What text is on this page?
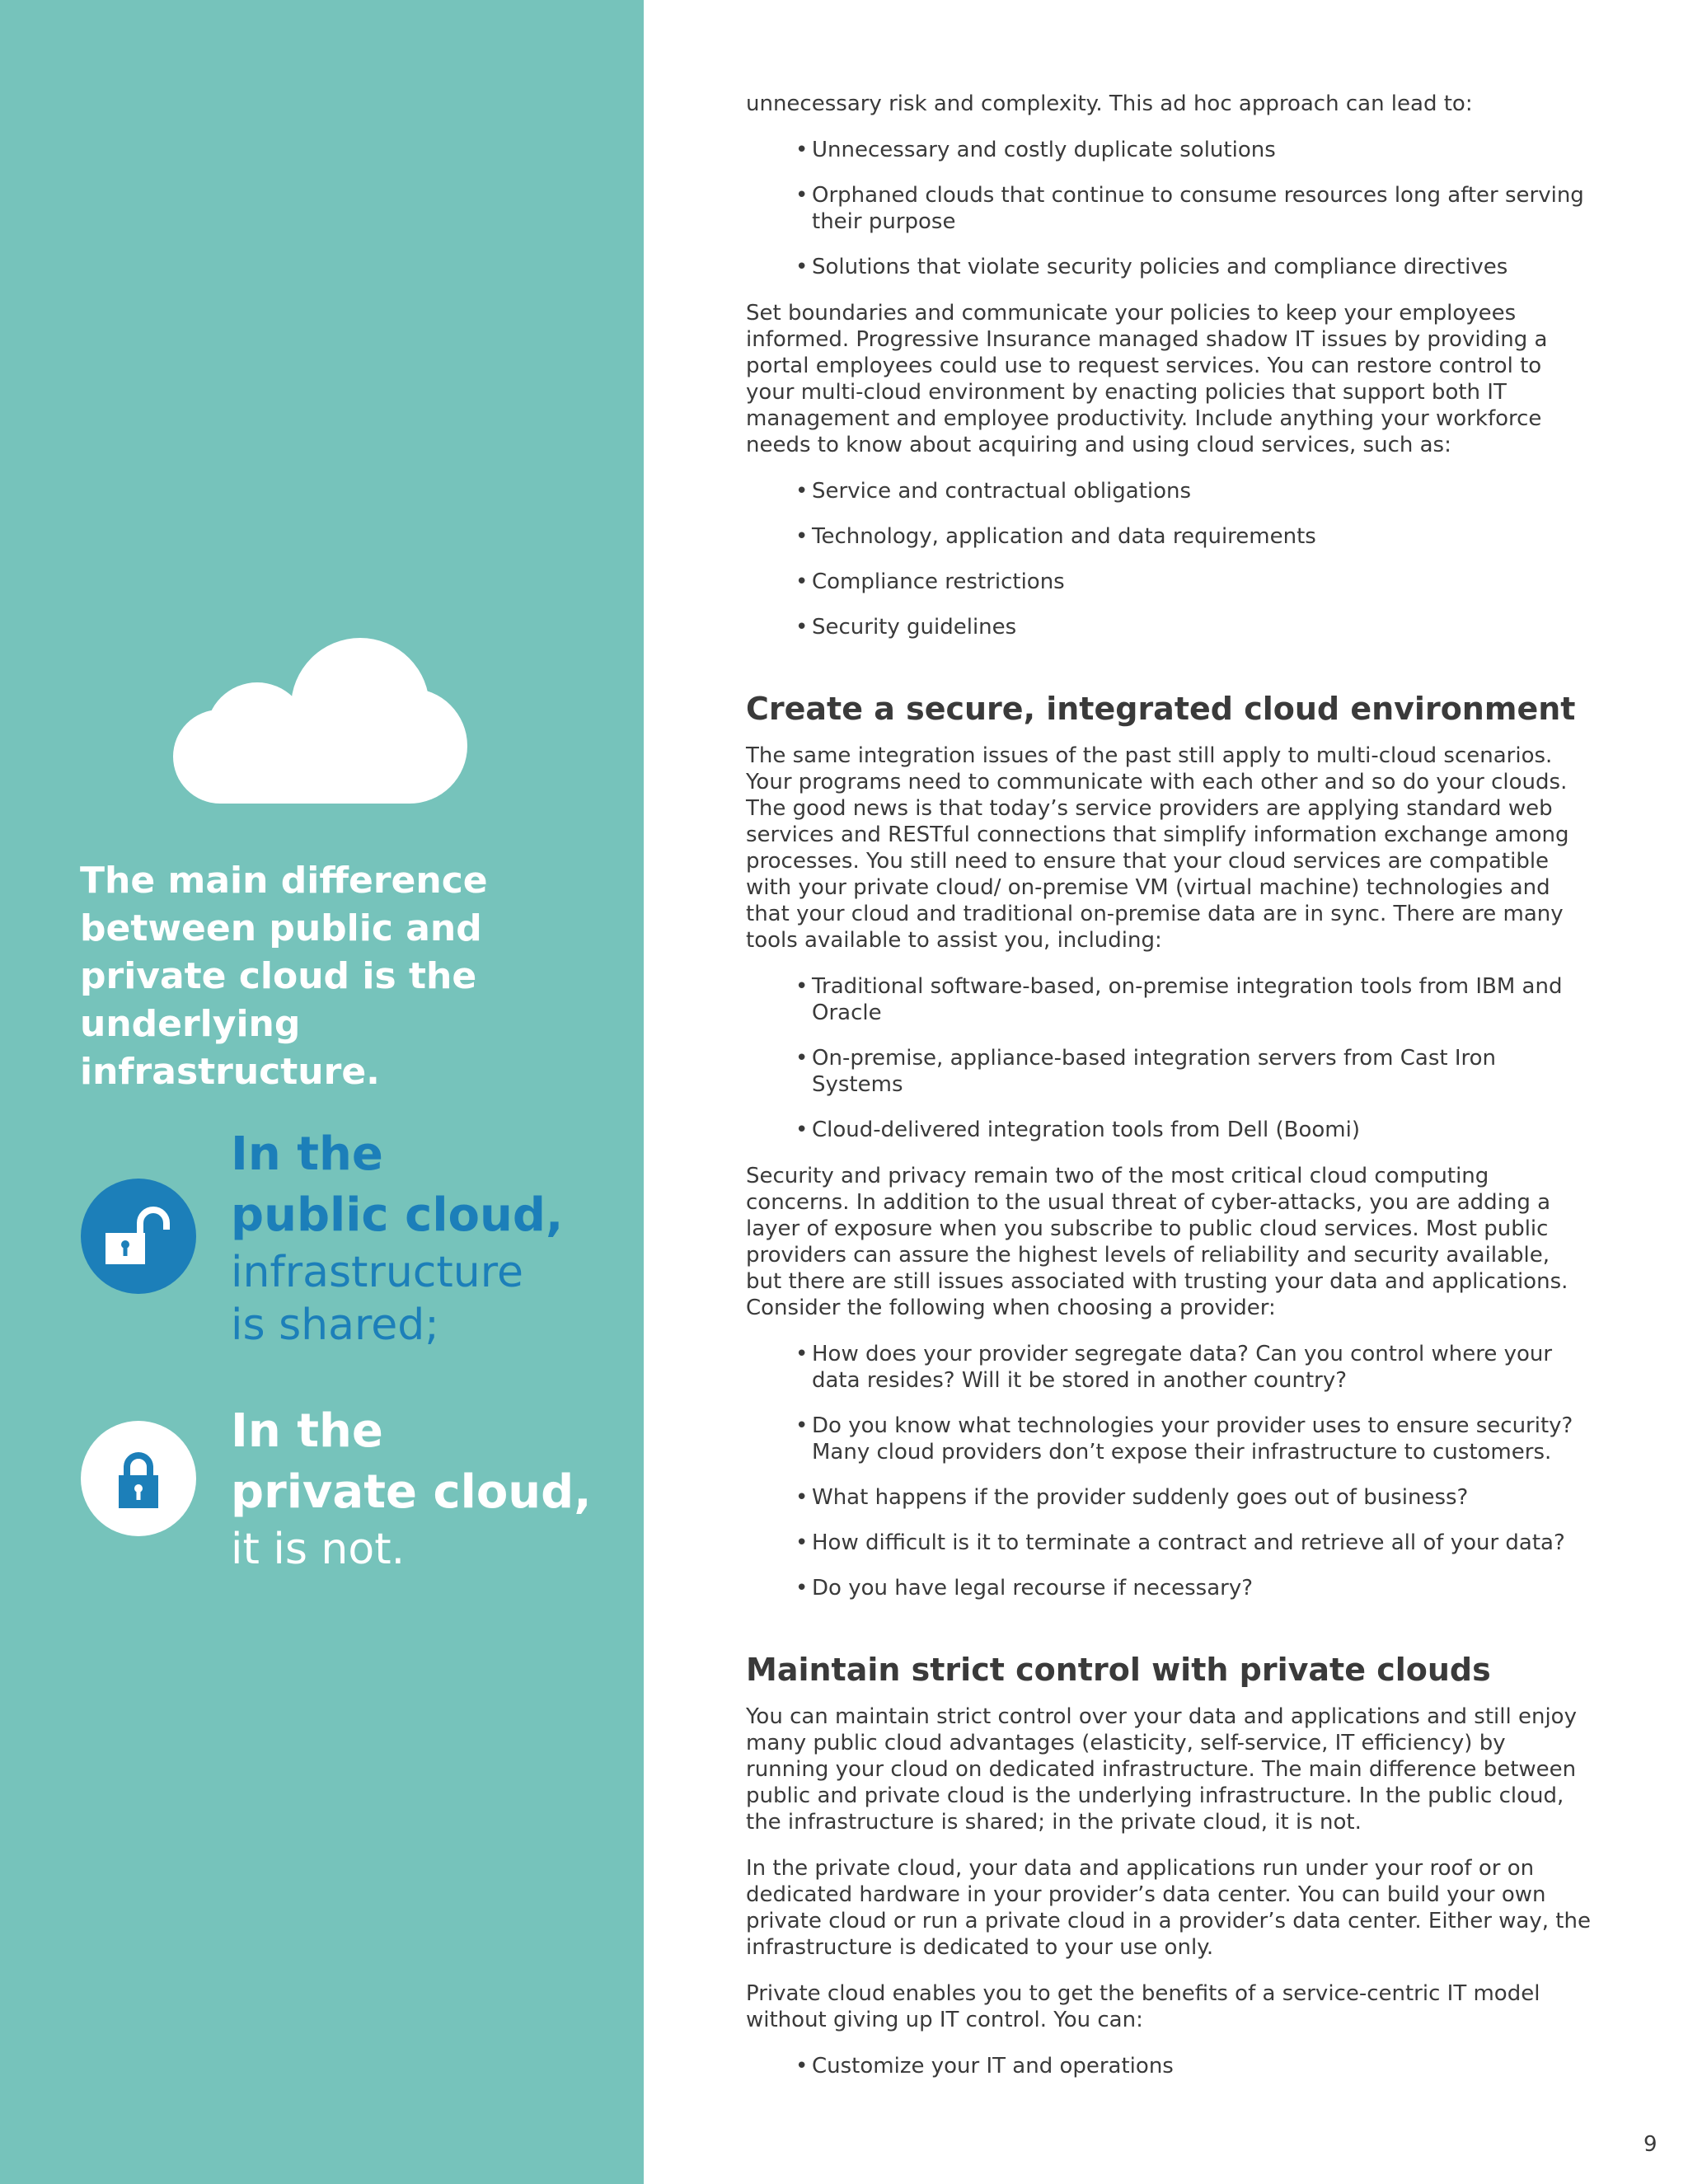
The main difference between public and private cloud is the underlying infrastructure.

In the
public cloud,
infrastructure
is shared;
In the
private cloud,
it is not.

unnecessary risk and complexity. This ad hoc approach can lead to:

• Unnecessary and costly duplicate solutions
• Orphaned clouds that continue to consume resources long after serving their purpose
• Solutions that violate security policies and compliance directives

Set boundaries and communicate your policies to keep your employees informed. Progressive Insurance managed shadow IT issues by providing a portal employees could use to request services. You can restore control to your multi-cloud environment by enacting policies that support both IT management and employee productivity. Include anything your workforce needs to know about acquiring and using cloud services, such as:

• Service and contractual obligations
• Technology, application and data requirements
• Compliance restrictions
• Security guidelines
Create a secure, integrated cloud environment

The same integration issues of the past still apply to multi-cloud scenarios. Your programs need to communicate with each other and so do your clouds. The good news is that today’s service providers are applying standard web services and RESTful connections that simplify information exchange among processes. You still need to ensure that your cloud services are compatible with your private cloud/ on-premise VM (virtual machine) technologies and that your cloud and traditional on-premise data are in sync. There are many tools available to assist you, including:

• Traditional software-based, on-premise integration tools from IBM and Oracle
• On-premise, appliance-based integration servers from Cast Iron Systems
• Cloud-delivered integration tools from Dell (Boomi)

Security and privacy remain two of the most critical cloud computing concerns. In addition to the usual threat of cyber-attacks, you are adding a layer of exposure when you subscribe to public cloud services. Most public providers can assure the highest levels of reliability and security available, but there are still issues associated with trusting your data and applications. Consider the following when choosing a provider:

• How does your provider segregate data? Can you control where your data resides? Will it be stored in another country?
• Do you know what technologies your provider uses to ensure security? Many cloud providers don’t expose their infrastructure to customers.
• What happens if the provider suddenly goes out of business?
• How difficult is it to terminate a contract and retrieve all of your data?
• Do you have legal recourse if necessary?
Maintain strict control with private clouds

You can maintain strict control over your data and applications and still enjoy many public cloud advantages (elasticity, self-service, IT efficiency) by running your cloud on dedicated infrastructure. The main difference between public and private cloud is the underlying infrastructure. In the public cloud, the infrastructure is shared; in the private cloud, it is not.

In the private cloud, your data and applications run under your roof or on dedicated hardware in your provider’s data center. You can build your own private cloud or run a private cloud in a provider’s data center. Either way, the infrastructure is dedicated to your use only.

Private cloud enables you to get the benefits of a service-centric IT model without giving up IT control. You can:

• Customize your IT and operations
9
